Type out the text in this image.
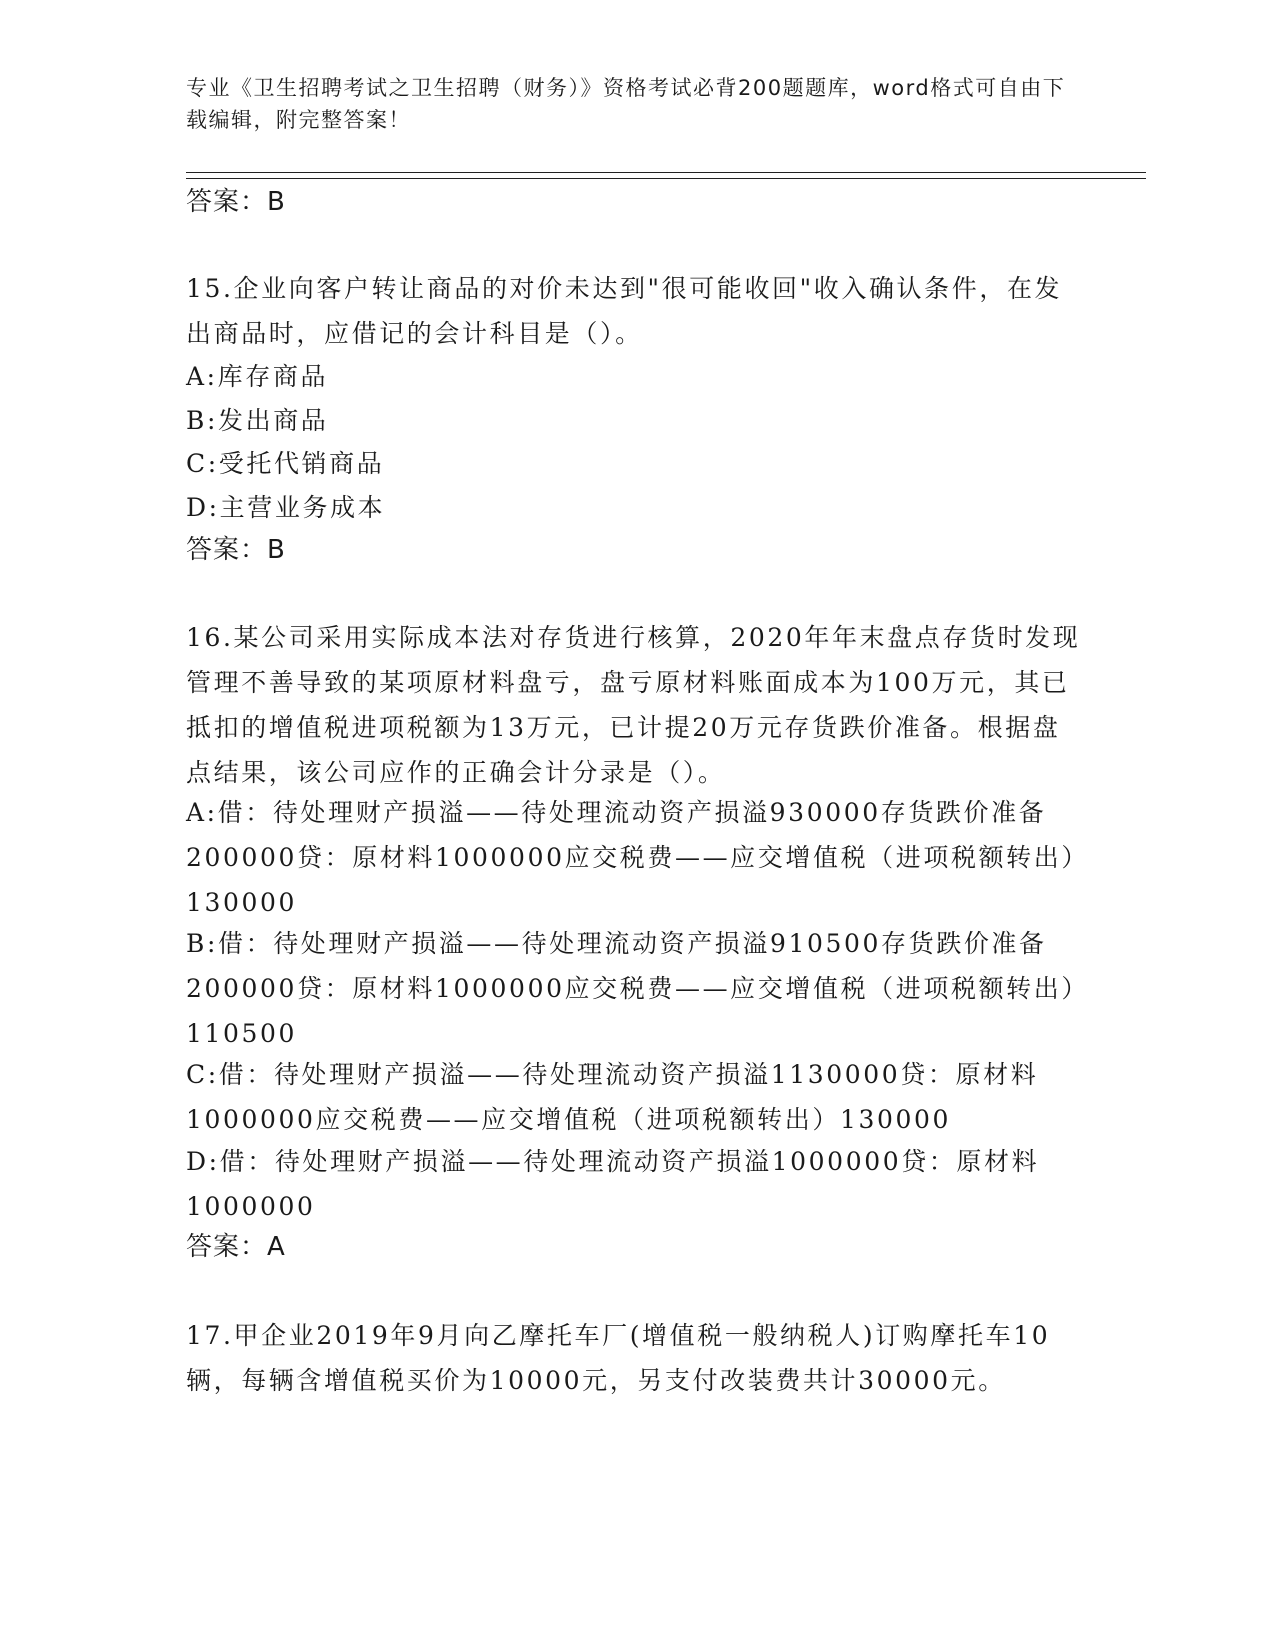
专业《卫生招聘考试之卫生招聘（财务）》资格考试必背200题题库，word格式可自由下载编辑，附完整答案！
答案：B
15.企业向客户转让商品的对价未达到"很可能收回"收入确认条件，在发出商品时，应借记的会计科目是（）。
A:库存商品
B:发出商品
C:受托代销商品
D:主营业务成本
答案：B
16.某公司采用实际成本法对存货进行核算，2020年年末盘点存货时发现管理不善导致的某项原材料盘亏，盘亏原材料账面成本为100万元，其已抵扣的增值税进项税额为13万元，已计提20万元存货跌价准备。根据盘点结果，该公司应作的正确会计分录是（）。
A:借：待处理财产损溢——待处理流动资产损溢930000存货跌价准备200000贷：原材料1000000应交税费——应交增值税（进项税额转出）130000
B:借：待处理财产损溢——待处理流动资产损溢910500存货跌价准备200000贷：原材料1000000应交税费——应交增值税（进项税额转出）110500
C:借：待处理财产损溢——待处理流动资产损溢1130000贷：原材料1000000应交税费——应交增值税（进项税额转出）130000
D:借：待处理财产损溢——待处理流动资产损溢1000000贷：原材料1000000
答案：A
17.甲企业2019年9月向乙摩托车厂(增值税一般纳税人)订购摩托车10辆，每辆含增值税买价为10000元，另支付改装费共计30000元。
